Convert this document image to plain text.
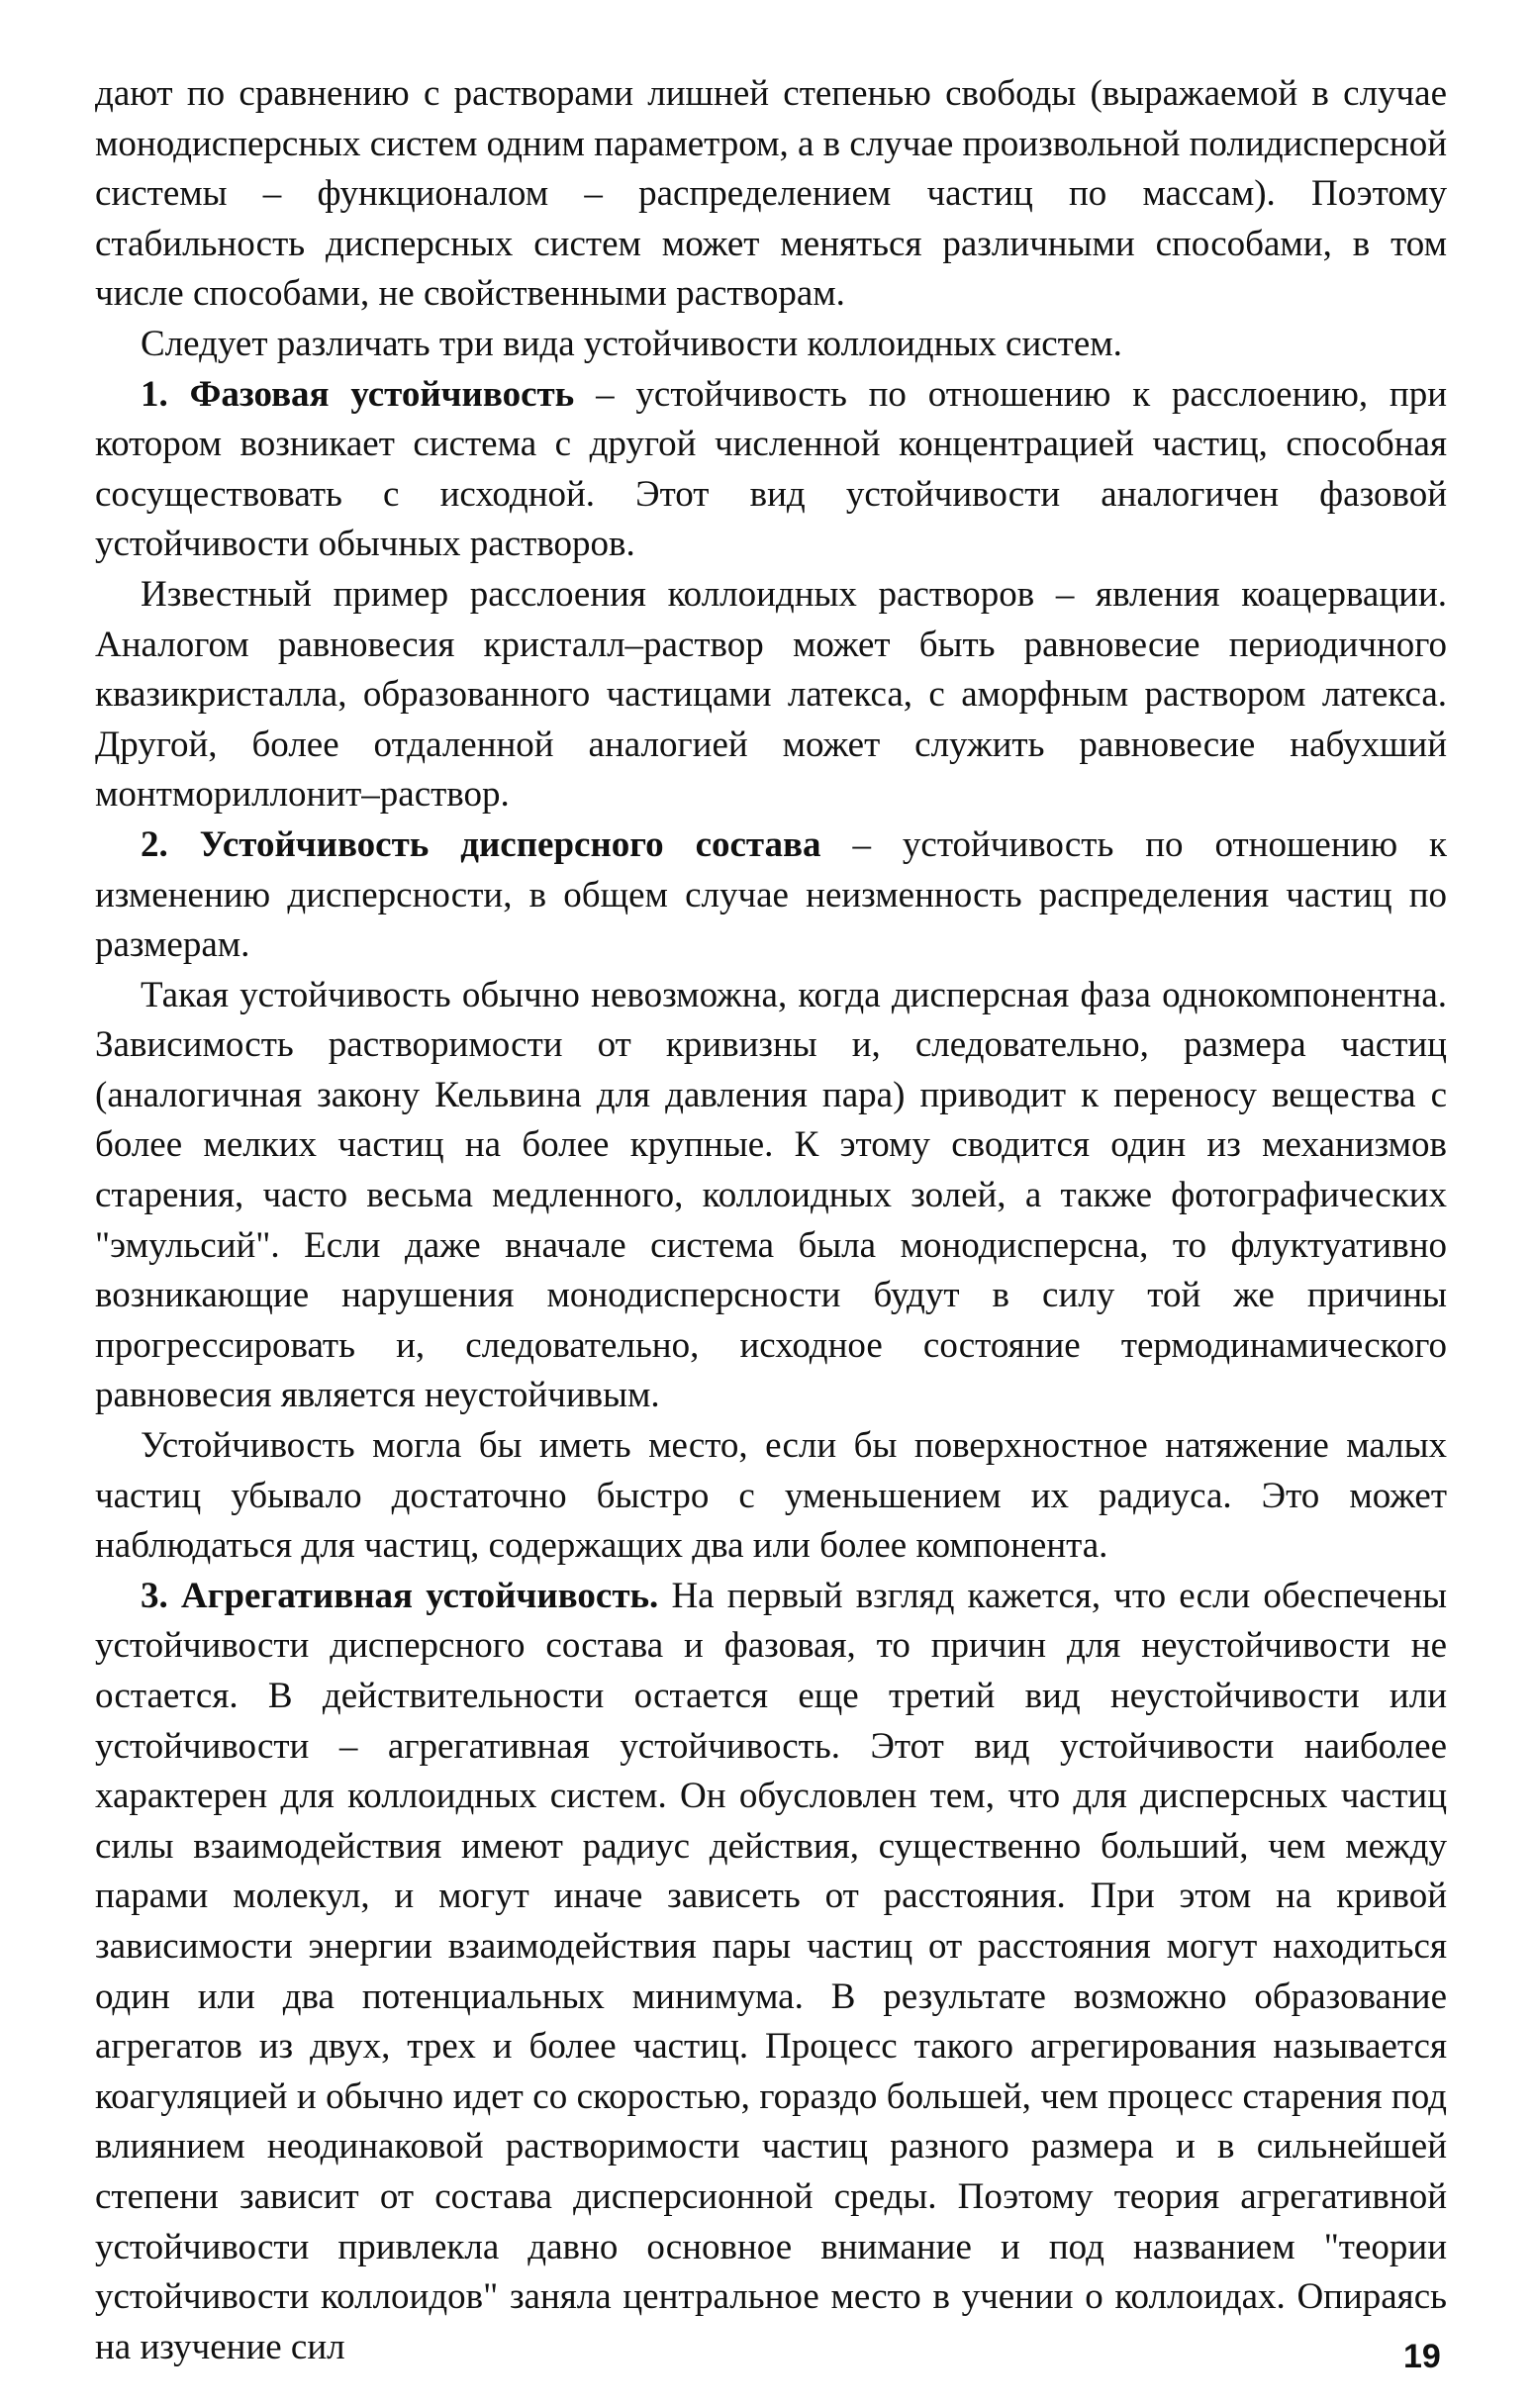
дают по сравнению с растворами лишней степенью свободы (выражаемой в случае монодисперсных систем одним параметром, а в случае произвольной полидисперсной системы – функционалом – распределением частиц по массам). Поэтому стабильность дисперсных систем может меняться различными способами, в том числе способами, не свойственными растворам.

Следует различать три вида устойчивости коллоидных систем.

1. Фазовая устойчивость – устойчивость по отношению к расслоению, при котором возникает система с другой численной концентрацией частиц, способная сосуществовать с исходной. Этот вид устойчивости аналогичен фазовой устойчивости обычных растворов.

Известный пример расслоения коллоидных растворов – явления коацервации. Аналогом равновесия кристалл–раствор может быть равновесие периодичного квазикристалла, образованного частицами латекса, с аморфным раствором латекса. Другой, более отдаленной аналогией может служить равновесие набухший монтмориллонит–раствор.

2. Устойчивость дисперсного состава – устойчивость по отношению к изменению дисперсности, в общем случае неизменность распределения частиц по размерам.

Такая устойчивость обычно невозможна, когда дисперсная фаза однокомпонентна. Зависимость растворимости от кривизны и, следовательно, размера частиц (аналогичная закону Кельвина для давления пара) приводит к переносу вещества с более мелких частиц на более крупные. К этому сводится один из механизмов старения, часто весьма медленного, коллоидных золей, а также фотографических "эмульсий". Если даже вначале система была монодисперсна, то флуктуативно возникающие нарушения монодисперсности будут в силу той же причины прогрессировать и, следовательно, исходное состояние термодинамического равновесия является неустойчивым.

Устойчивость могла бы иметь место, если бы поверхностное натяжение малых частиц убывало достаточно быстро с уменьшением их радиуса. Это может наблюдаться для частиц, содержащих два или более компонента.

3. Агрегативная устойчивость. На первый взгляд кажется, что если обеспечены устойчивости дисперсного состава и фазовая, то причин для неустойчивости не остается. В действительности остается еще третий вид неустойчивости или устойчивости – агрегативная устойчивость. Этот вид устойчивости наиболее характерен для коллоидных систем. Он обусловлен тем, что для дисперсных частиц силы взаимодействия имеют радиус действия, существенно больший, чем между парами молекул, и могут иначе зависеть от расстояния. При этом на кривой зависимости энергии взаимодействия пары частиц от расстояния могут находиться один или два потенциальных минимума. В результате возможно образование агрегатов из двух, трех и более частиц. Процесс такого агрегирования называется коагуляцией и обычно идет со скоростью, гораздо большей, чем процесс старения под влиянием неодинаковой растворимости частиц разного размера и в сильнейшей степени зависит от состава дисперсионной среды. Поэтому теория агрегативной устойчивости привлекла давно основное внимание и под названием "теории устойчивости коллоидов" заняла центральное место в учении о коллоидах. Опираясь на изучение сил	19
